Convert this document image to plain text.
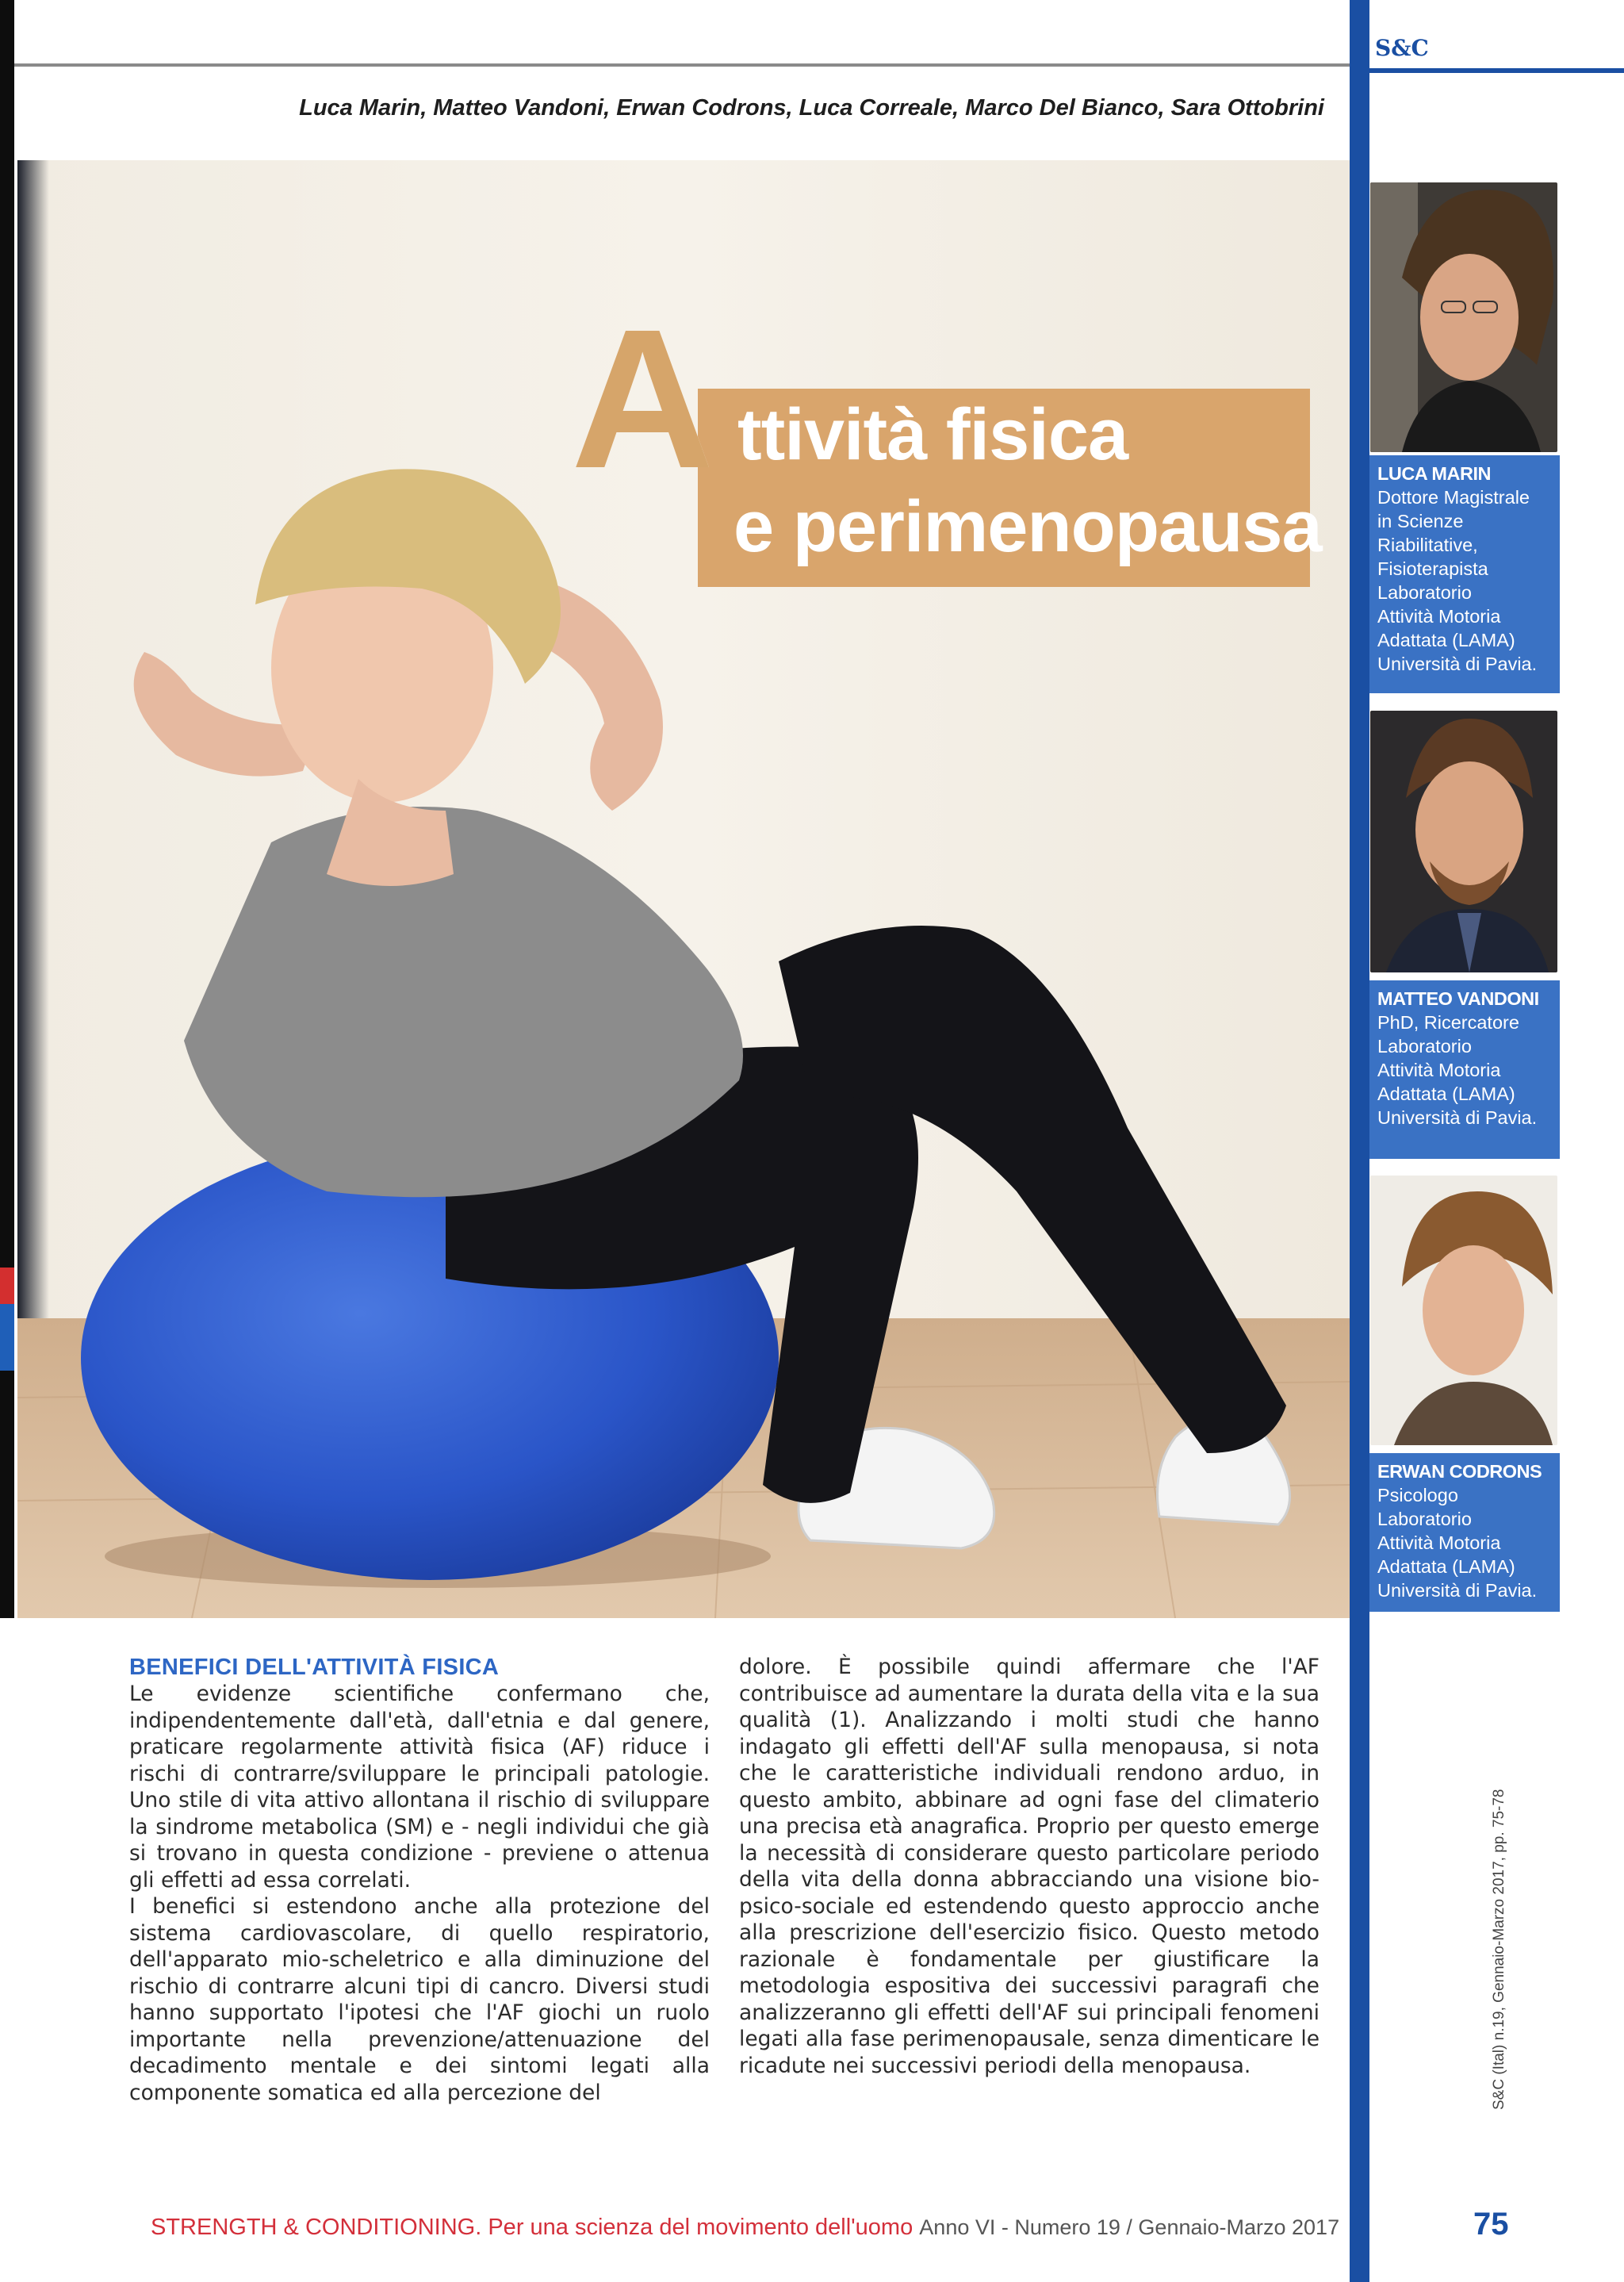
Luca Marin, Matteo Vandoni, Erwan Codrons, Luca Correale, Marco Del Bianco, Sara Ottobrini
A ttività fisica
e perimenopausa
S&C
LUCA MARIN
Dottore Magistrale
in Scienze
Riabilitative,
Fisioterapista
Laboratorio
Attività Motoria
Adattata (LAMA)
Università di Pavia.
MATTEO VANDONI
PhD, Ricercatore
Laboratorio
Attività Motoria
Adattata (LAMA)
Università di Pavia.
ERWAN CODRONS
Psicologo
Laboratorio
Attività Motoria
Adattata (LAMA)
Università di Pavia.
BENEFICI DELL'ATTIVITÀ FISICA

Le evidenze scientifiche confermano che, indipendentemente dall'età, dall'etnia e dal genere, praticare regolarmente attività fisica (AF) riduce i rischi di contrarre/sviluppare le principali patologie. Uno stile di vita attivo allontana il rischio di sviluppare la sindrome metabolica (SM) e - negli individui che già si trovano in questa condizione - previene o attenua gli effetti ad essa correlati.

I benefici si estendono anche alla protezione del sistema cardiovascolare, di quello respiratorio, dell'apparato mio-scheletrico e alla diminuzione del rischio di contrarre alcuni tipi di cancro. Diversi studi hanno supportato l'ipotesi che l'AF giochi un ruolo importante nella prevenzione/attenuazione del decadimento mentale e dei sintomi legati alla componente somatica ed alla percezione del

dolore. È possibile quindi affermare che l'AF contribuisce ad aumentare la durata della vita e la sua qualità (1). Analizzando i molti studi che hanno indagato gli effetti dell'AF sulla menopausa, si nota che le caratteristiche individuali rendono arduo, in questo ambito, abbinare ad ogni fase del climaterio una precisa età anagrafica. Proprio per questo emerge la necessità di considerare questo particolare periodo della vita della donna abbracciando una visione bio-psico-sociale ed estendendo questo approccio anche alla prescrizione dell'esercizio fisico. Questo metodo razionale è fondamentale per giustificare la metodologia espositiva dei successivi paragrafi che analizzeranno gli effetti dell'AF sui principali fenomeni legati alla fase perimenopausale, senza dimenticare le ricadute nei successivi periodi della menopausa.	S&C (Ital) n.19, Gennaio-Marzo 2017, pp. 75-78
STRENGTH & CONDITIONING. Per una scienza del movimento dell'uomo Anno VI - Numero 19 / Gennaio-Marzo 2017	75
